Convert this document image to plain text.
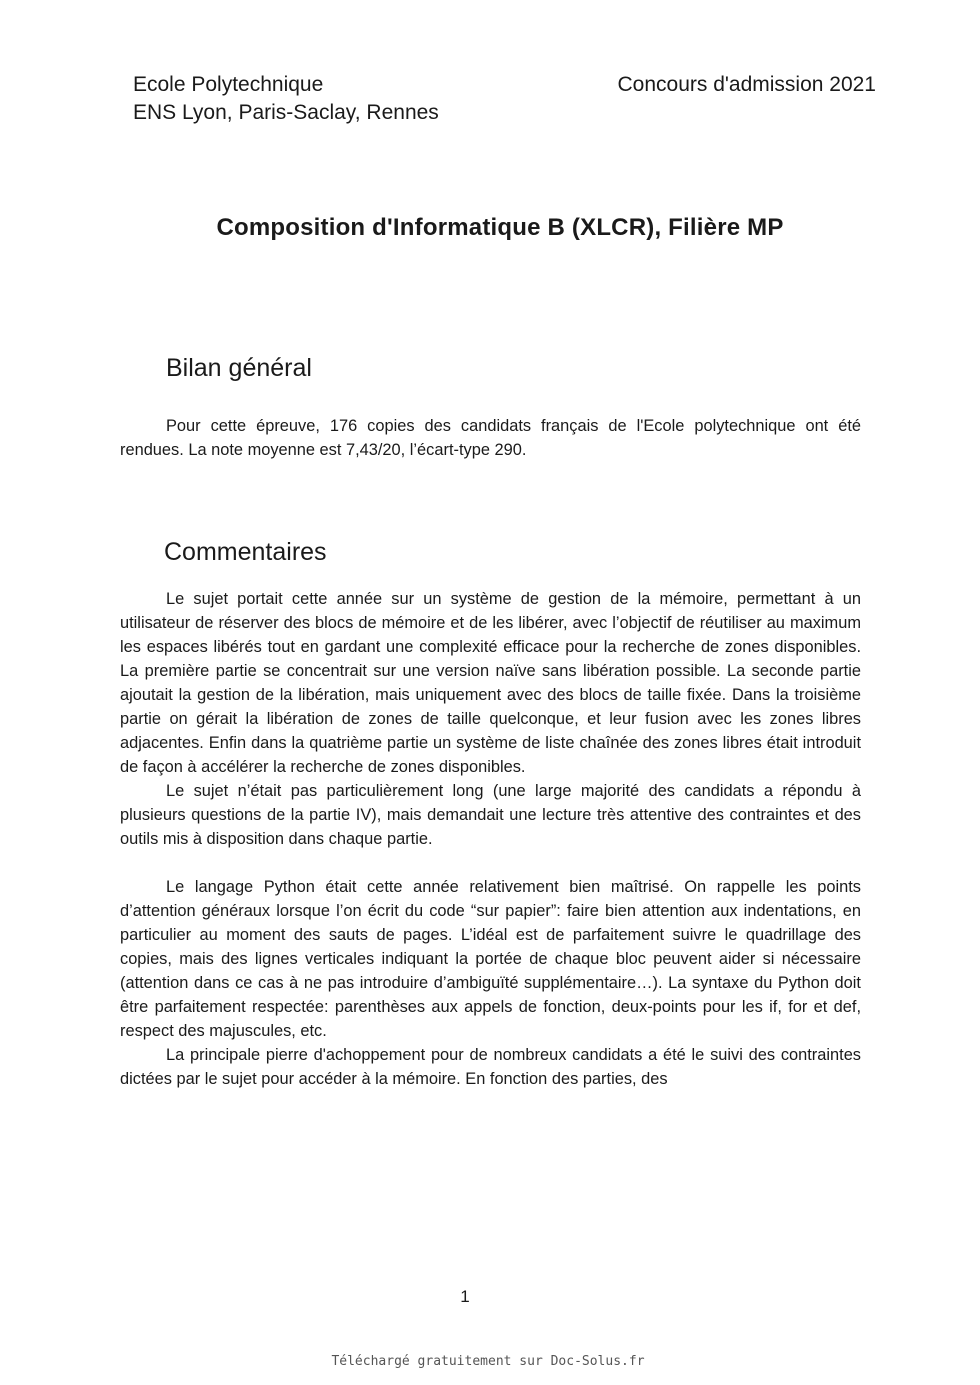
Ecole Polytechnique
ENS Lyon, Paris-Saclay, Rennes
Concours d'admission 2021
Composition d'Informatique B (XLCR), Filière MP
Bilan général

Pour cette épreuve, 176 copies des candidats français de l'Ecole polytechnique ont été rendues. La note moyenne est 7,43/20, l’écart-type 290.

Commentaires

Le sujet portait cette année sur un système de gestion de la mémoire, permettant à un utilisateur de réserver des blocs de mémoire et de les libérer, avec l’objectif de réutiliser au maximum les espaces libérés tout en gardant une complexité efficace pour la recherche de zones disponibles. La première partie se concentrait sur une version naïve sans libération possible. La seconde partie ajoutait la gestion de la libération, mais uniquement avec des blocs de taille fixée. Dans la troisième partie on gérait la libération de zones de taille quelconque, et leur fusion avec les zones libres adjacentes. Enfin dans la quatrième partie un système de liste chaînée des zones libres était introduit de façon à accélérer la recherche de zones disponibles.

Le sujet n’était pas particulièrement long (une large majorité des candidats a répondu à plusieurs questions de la partie IV), mais demandait une lecture très attentive des contraintes et des outils mis à disposition dans chaque partie.

Le langage Python était cette année relativement bien maîtrisé. On rappelle les points d’attention généraux lorsque l’on écrit du code “sur papier”: faire bien attention aux indentations, en particulier au moment des sauts de pages. L’idéal est de parfaitement suivre le quadrillage des copies, mais des lignes verticales indiquant la portée de chaque bloc peuvent aider si nécessaire (attention dans ce cas à ne pas introduire d’ambiguïté supplémentaire…). La syntaxe du Python doit être parfaitement respectée: parenthèses aux appels de fonction, deux-points pour les if, for et def, respect des majuscules, etc.

La principale pierre d'achoppement pour de nombreux candidats a été le suivi des contraintes dictées par le sujet pour accéder à la mémoire. En fonction des parties, des

1
Téléchargé gratuitement sur Doc-Solus.fr
